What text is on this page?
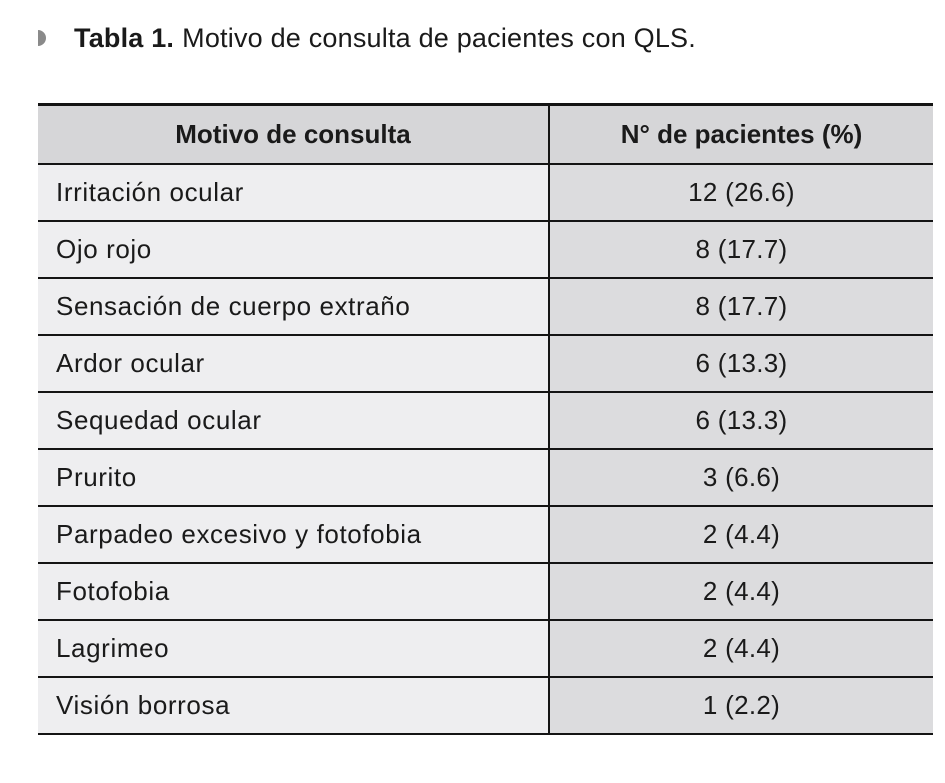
Tabla 1. Motivo de consulta de pacientes con QLS.
Motivo de consulta	N° de pacientes (%)
Irritación ocular	12 (26.6)
Ojo rojo	8 (17.7)
Sensación de cuerpo extraño	8 (17.7)
Ardor ocular	6 (13.3)
Sequedad ocular	6 (13.3)
Prurito	3 (6.6)
Parpadeo excesivo y fotofobia	2 (4.4)
Fotofobia	2 (4.4)
Lagrimeo	2 (4.4)
Visión borrosa	1 (2.2)
